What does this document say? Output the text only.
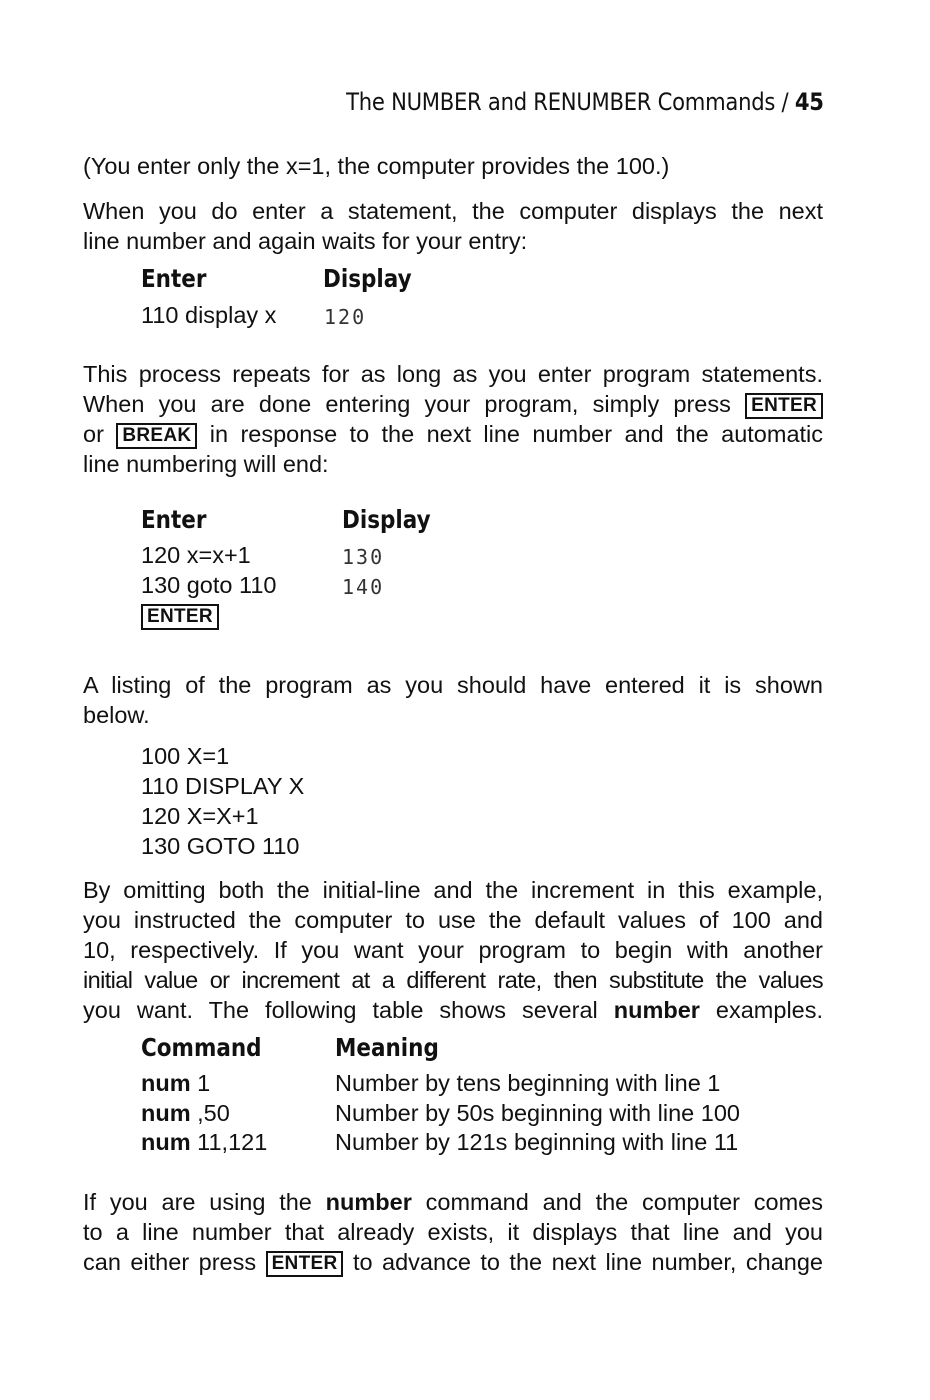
The NUMBER and RENUMBER Commands / 45
(You enter only the x=1, the computer provides the 100.)
When you do enter a statement, the computer displays the next
line number and again waits for your entry:
Enter	Display
110 display x 120
This process repeats for as long as you enter program statements.
When you are done entering your program, simply press ENTER
or BREAK in response to the next line number and the automatic
line numbering will end:
Enter	Display
120 x=x+1	130
130 goto 110	140
ENTER
A listing of the program as you should have entered it is shown
below.
100 X=1
110 DISPLAY X
120 X=X+1
130 GOTO 110
By omitting both the initial-line and the increment in this example,
you instructed the computer to use the default values of 100 and
10, respectively. If you want your program to begin with another
initial value or increment at a different rate, then substitute the values
you want. The following table shows several number examples.
Command	Meaning
num 1	Number by tens beginning with line 1
num ,50	Number by 50s beginning with line 100
num 11,121	Number by 121s beginning with line 11
If you are using the number command and the computer comes
to a line number that already exists, it displays that line and you
can either press ENTER to advance to the next line number, change
